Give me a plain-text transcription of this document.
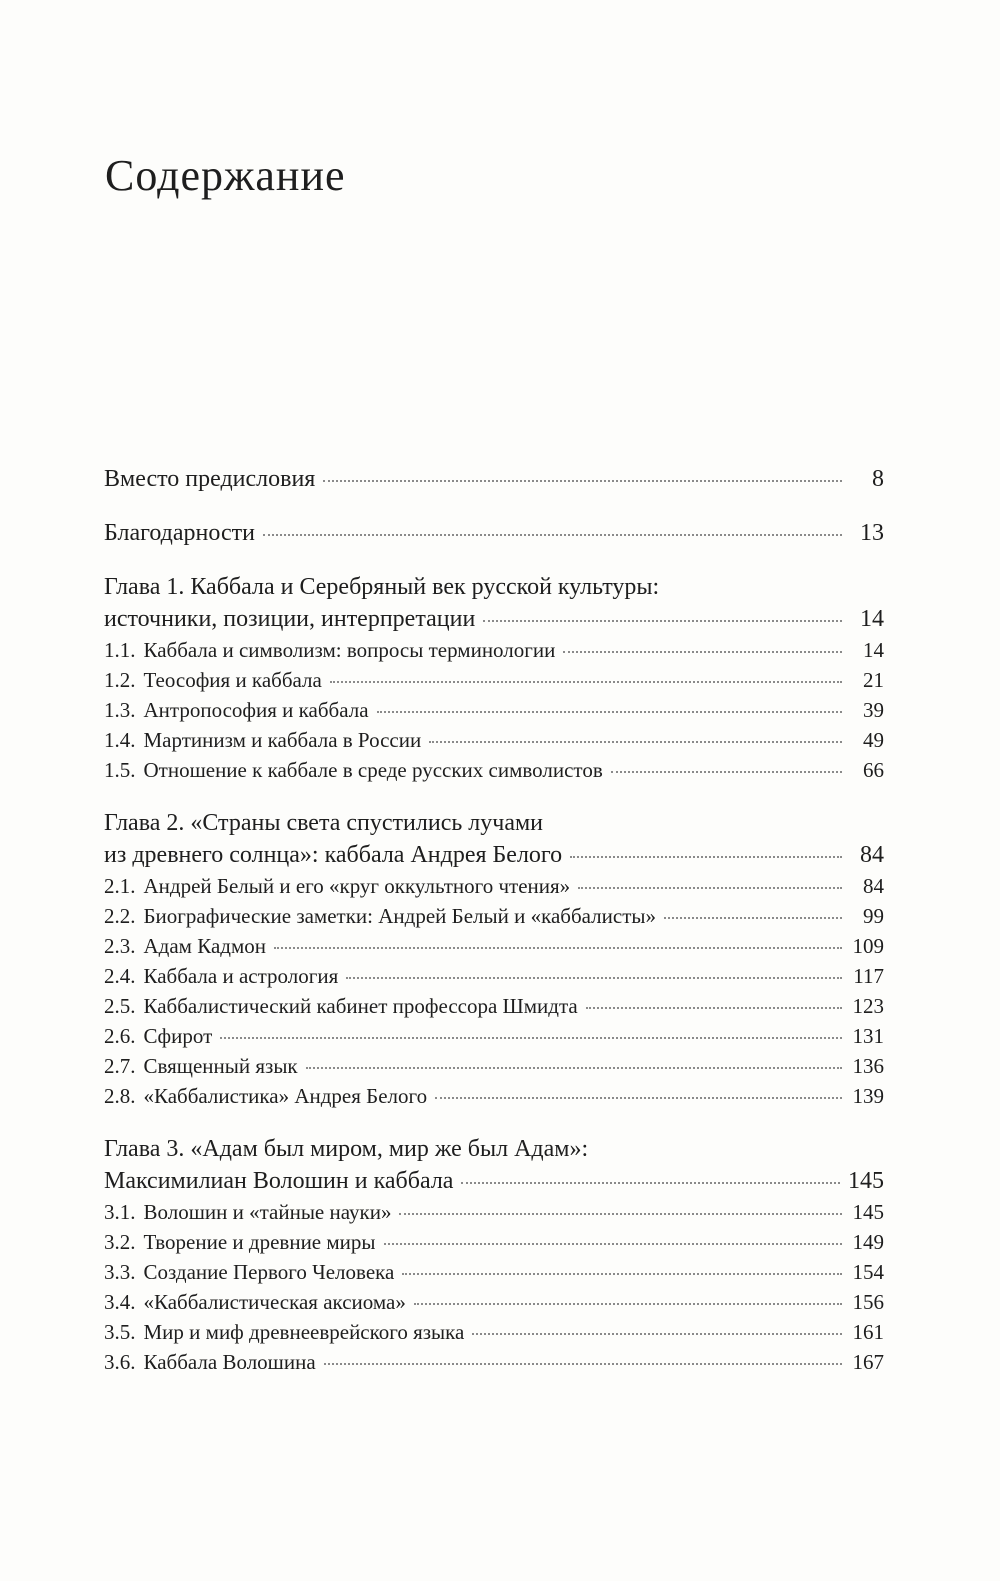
Содержание
Вместо предисловия	8
Благодарности	13
Глава 1. Каббала и Серебряный век русской культуры:
источники, позиции, интерпретации	14
1.1. Каббала и символизм: вопросы терминологии	14
1.2. Теософия и каббала	21
1.3. Антропософия и каббала	39
1.4. Мартинизм и каббала в России	49
1.5. Отношение к каббале в среде русских символистов	66
Глава 2. «Страны света спустились лучами
из древнего солнца»: каббала Андрея Белого	84
2.1. Андрей Белый и его «круг оккультного чтения»	84
2.2. Биографические заметки: Андрей Белый и «каббалисты»	99
2.3. Адам Кадмон	109
2.4. Каббала и астрология	117
2.5. Каббалистический кабинет профессора Шмидта	123
2.6. Сфирот	131
2.7. Священный язык	136
2.8. «Каббалистика» Андрея Белого	139
Глава 3. «Адам был миром, мир же был Адам»:
Максимилиан Волошин и каббала	145
3.1. Волошин и «тайные науки»	145
3.2. Творение и древние миры	149
3.3. Создание Первого Человека	154
3.4. «Каббалистическая аксиома»	156
3.5. Мир и миф древнееврейского языка	161
3.6. Каббала Волошина	167
